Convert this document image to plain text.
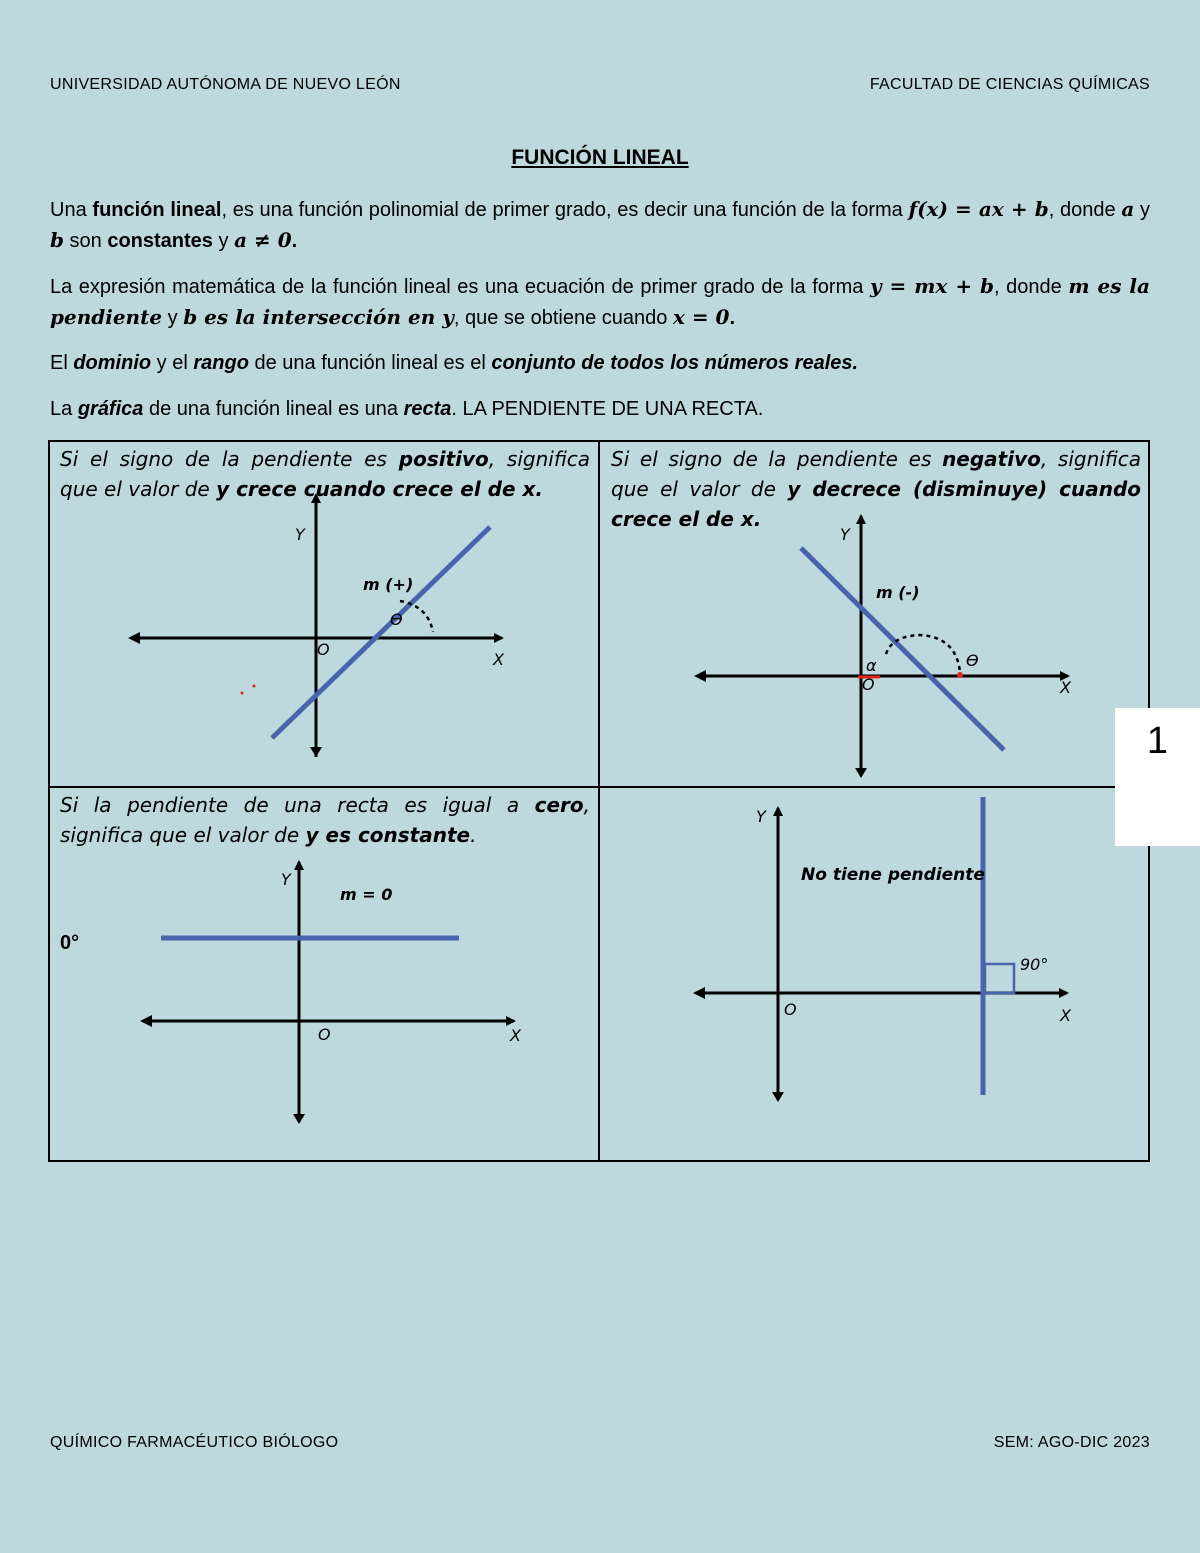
UNIVERSIDAD AUTÓNOMA DE NUEVO LEÓN	FACULTAD DE CIENCIAS QUÍMICAS
FUNCIÓN LINEAL
Una función lineal, es una función polinomial de primer grado, es decir una función de la forma f(x) = ax + b, donde a y b son constantes y a ≠ 0.
La expresión matemática de la función lineal es una ecuación de primer grado de la forma y = mx + b, donde m es la pendiente y b es la intersección en y, que se obtiene cuando x = 0.
El dominio y el rango de una función lineal es el conjunto de todos los números reales.
La gráfica de una función lineal es una recta. LA PENDIENTE DE UNA RECTA.
Si el signo de la pendiente es positivo, significa que el valor de y crece cuando crece el de x.
Si el signo de la pendiente es negativo, significa que el valor de y decrece (disminuye) cuando crece el de x.
Si la pendiente de una recta es igual a cero, significa que el valor de y es constante.
0°
Y
X
O
m (+)
ϴ
Y
X
O
m (-)
α	ϴ
Y
X
O
m = 0
Y
X
O
No tiene pendiente
90°
1
QUÍMICO FARMACÉUTICO BIÓLOGO	SEM: AGO-DIC 2023
